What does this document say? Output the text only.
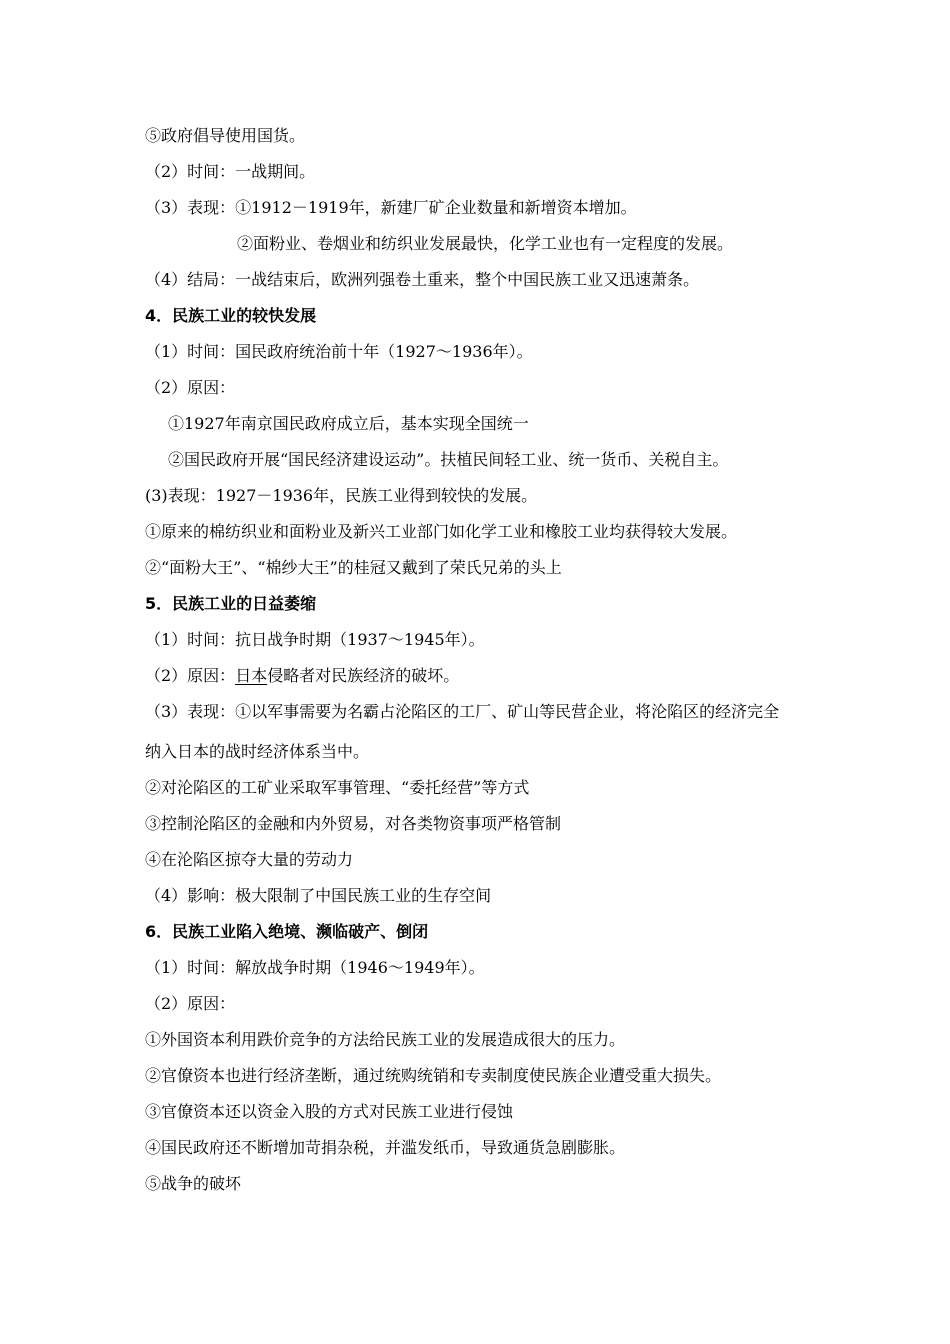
⑤政府倡导使用国货。
（2）时间：一战期间。
（3）表现：①1912－1919年，新建厂矿企业数量和新增资本增加。
②面粉业、卷烟业和纺织业发展最快，化学工业也有一定程度的发展。
（4）结局：一战结束后，欧洲列强卷土重来，整个中国民族工业又迅速萧条。
4．民族工业的较快发展
（1）时间：国民政府统治前十年（1927～1936年）。
（2）原因：
①1927年南京国民政府成立后，基本实现全国统一
②国民政府开展“国民经济建设运动”。扶植民间轻工业、统一货币、关税自主。
(3)表现：1927－1936年，民族工业得到较快的发展。
①原来的棉纺织业和面粉业及新兴工业部门如化学工业和橡胶工业均获得较大发展。
②“面粉大王”、“棉纱大王”的桂冠又戴到了荣氏兄弟的头上
5．民族工业的日益萎缩
（1）时间：抗日战争时期（1937～1945年）。
（2）原因：日本侵略者对民族经济的破坏。
（3）表现：①以军事需要为名霸占沦陷区的工厂、矿山等民营企业，将沦陷区的经济完全
纳入日本的战时经济体系当中。
②对沦陷区的工矿业采取军事管理、“委托经营”等方式
③控制沦陷区的金融和内外贸易，对各类物资事项严格管制
④在沦陷区掠夺大量的劳动力
（4）影响：极大限制了中国民族工业的生存空间
6．民族工业陷入绝境、濒临破产、倒闭
（1）时间：解放战争时期（1946～1949年）。
（2）原因：
①外国资本利用跌价竞争的方法给民族工业的发展造成很大的压力。
②官僚资本也进行经济垄断，通过统购统销和专卖制度使民族企业遭受重大损失。
③官僚资本还以资金入股的方式对民族工业进行侵蚀
④国民政府还不断增加苛捐杂税，并滥发纸币，导致通货急剧膨胀。
⑤战争的破坏
